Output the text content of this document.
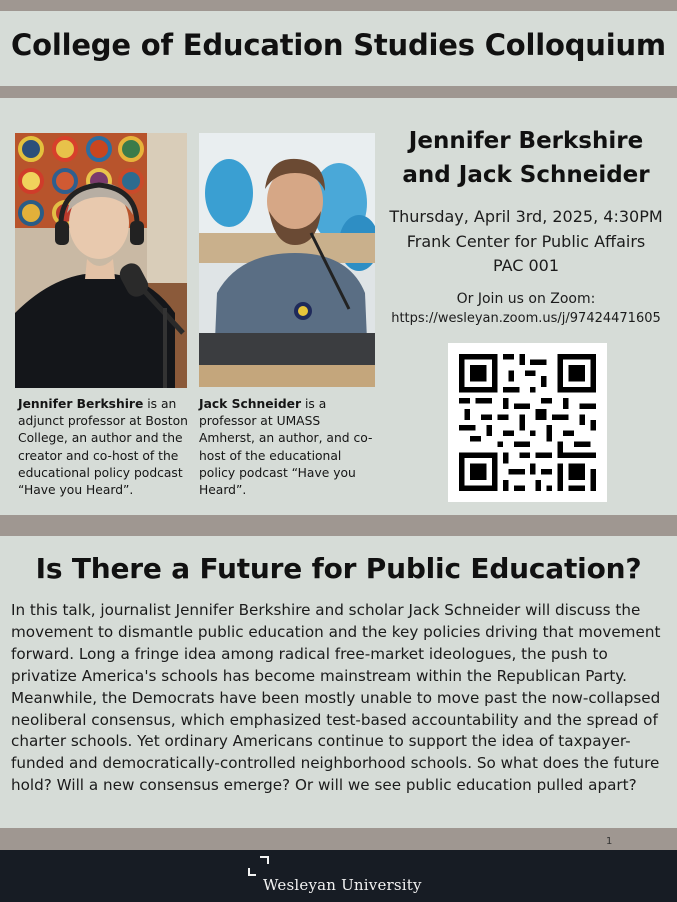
College of Education Studies Colloquium
Jennifer Berkshire is an adjunct professor at Boston College, an author and the creator and co-host of the educational policy podcast “Have you Heard”.
Jack Schneider is a professor at UMASS Amherst, an author, and co-host of the educational policy podcast “Have you Heard”.
Jennifer Berkshire and Jack Schneider
Thursday, April 3rd, 2025, 4:30PM
Frank Center for Public Affairs
PAC 001
Or Join us on Zoom:
https://wesleyan.zoom.us/j/97424471605
Is There a Future for Public Education?

In this talk, journalist Jennifer Berkshire and scholar Jack Schneider will discuss the movement to dismantle public education and the key policies driving that movement forward. Long a fringe idea among radical free-market ideologues, the push to privatize America's schools has become mainstream within the Republican Party. Meanwhile, the Democrats have been mostly unable to move past the now-collapsed neoliberal consensus, which emphasized test-based accountability and the spread of charter schools. Yet ordinary Americans continue to support the idea of taxpayer-funded and democratically-controlled neighborhood schools. So what does the future hold? Will a new consensus emerge? Or will we see public education pulled apart?

1
Wesleyan University
